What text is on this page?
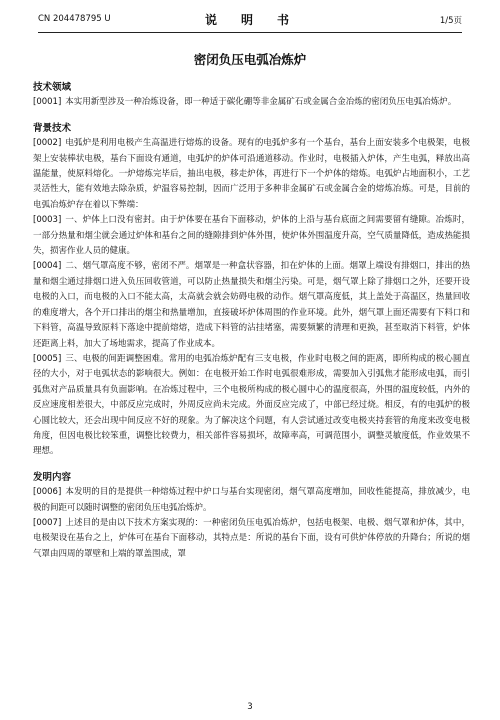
CN 204478795 U	说　明　书	1/5页
密闭负压电弧冶炼炉

技术领域

[0001] 本实用新型涉及一种冶炼设备，即一种适于碳化硼等非金属矿石或金属合金冶炼的密闭负压电弧冶炼炉。

背景技术

[0002] 电弧炉是利用电极产生高温进行熔炼的设备。现有的电弧炉多有一个基台，基台上面安装多个电极架，电极架上安装棒状电极，基台下面设有通道，电弧炉的炉体可沿通道移动。作业时，电极插入炉体，产生电弧，释放出高温能量，使原料熔化。一炉熔炼完毕后，抽出电极，移走炉体，再进行下一个炉体的熔炼。电弧炉占地面积小，工艺灵活性大，能有效地去除杂质，炉温容易控制，因而广泛用于多种非金属矿石或金属合金的熔炼冶炼。可是，目前的电弧冶炼炉存在着以下弊端：

[0003] 一、炉体上口没有密封。由于炉体要在基台下面移动，炉体的上沿与基台底面之间需要留有缝隙。冶炼时，一部分热量和烟尘就会通过炉体和基台之间的缝隙排到炉体外围，使炉体外围温度升高，空气质量降低，造成热能损失，损害作业人员的健康。

[0004] 二、烟气罩高度不够，密闭不严。烟罩是一种盒状容器，扣在炉体的上面。烟罩上端设有排烟口，排出的热量和烟尘通过排烟口进入负压回收管道，可以防止热量损失和烟尘污染。可是，烟气罩上除了排烟口之外，还要开设电极的入口，而电极的入口不能太高，太高就会就会妨碍电极的动作。烟气罩高度低，其上盖处于高温区，热量回收的难度增大，各个开口排出的烟尘和热量增加，直接破坏炉体周围的作业环境。此外，烟气罩上面还需要有下料口和下料管，高温导致原料下落途中提前熔熔，造成下料管的沾挂堵塞，需要频繁的清理和更换，甚至取消下料管，炉体还距离上料，加大了场地需求，提高了作业成本。

[0005] 三、电极的间距调整困难。常用的电弧冶炼炉配有三支电极，作业时电极之间的距离，即所构成的极心圆直径的大小，对于电弧状态的影响很大。例如：在电极开始工作时电弧很难形成，需要加入引弧焦才能形成电弧，而引弧焦对产品质量具有负面影响。在冶炼过程中，三个电极所构成的极心圆中心的温度很高，外围的温度较低，内外的反应速度相差很大，中部反应完成时，外周反应尚未完成。外面反应完成了，中部已经过烧。相反，有的电弧炉的极心圆比较大，还会出现中间反应不好的现象。为了解决这个问题，有人尝试通过改变电极夹持套管的角度来改变电极角度，但因电极比较笨重，调整比较费力，相关部件容易损坏，故障率高，可调范围小，调整灵敏度低，作业效果不理想。

发明内容

[0006] 本发明的目的是提供一种熔炼过程中炉口与基台实现密闭，烟气罩高度增加，回收性能提高，排放减少，电极的间距可以随时调整的密闭负压电弧冶炼炉。

[0007] 上述目的是由以下技术方案实现的：一种密闭负压电弧冶炼炉，包括电极架、电极、烟气罩和炉体，其中，电极架设在基台之上，炉体可在基台下面移动，其特点是：所说的基台下面，设有可供炉体停放的升降台；所说的烟气罩由四周的罩壁和上端的罩盖围成，罩

3
